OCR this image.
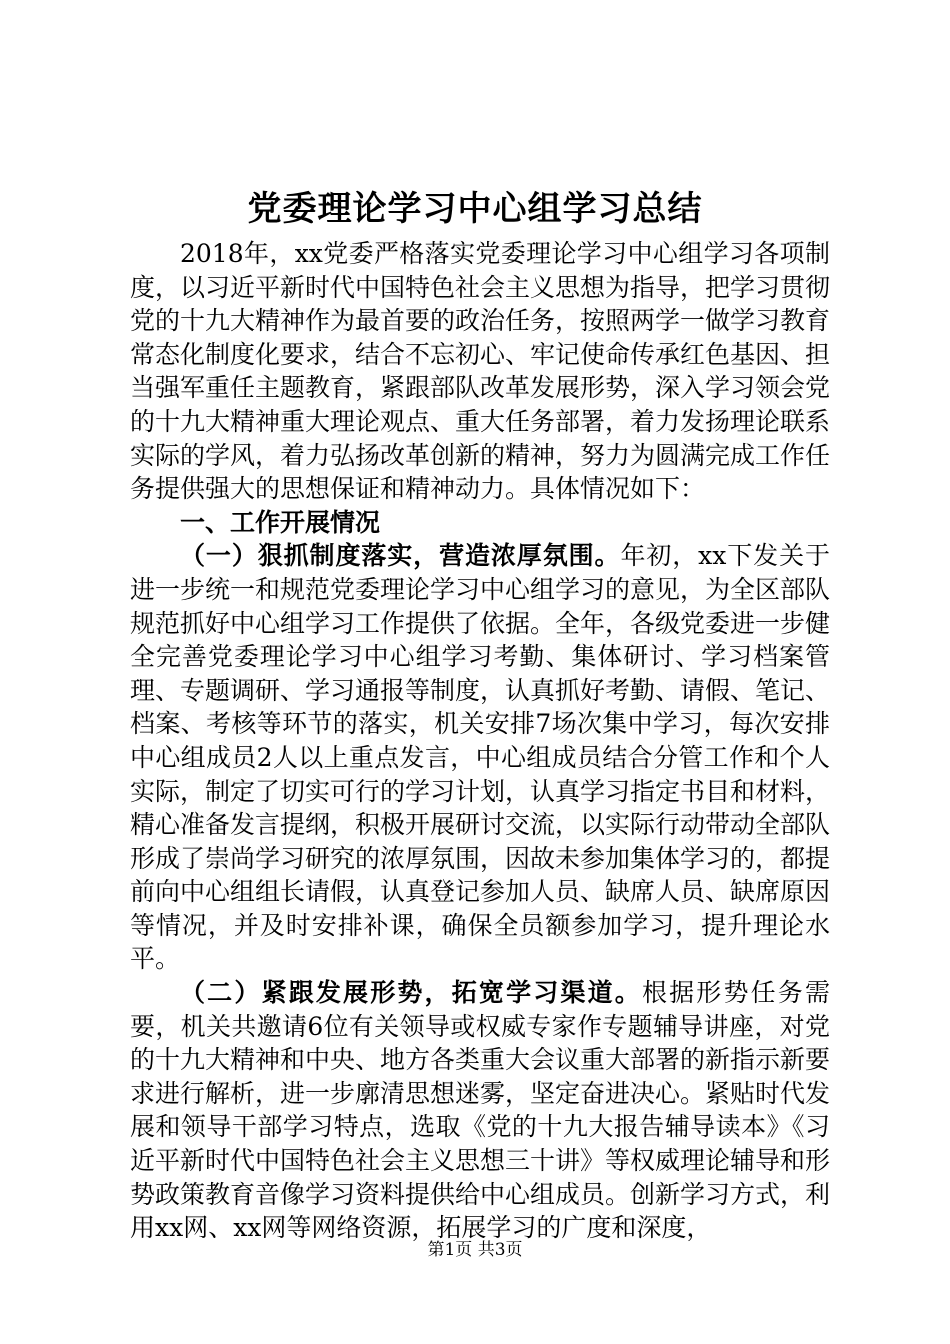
党委理论学习中心组学习总结

2018年，xx党委严格落实党委理论学习中心组学习各项制度，以习近平新时代中国特色社会主义思想为指导，把学习贯彻党的十九大精神作为最首要的政治任务，按照两学一做学习教育常态化制度化要求，结合不忘初心、牢记使命传承红色基因、担当强军重任主题教育，紧跟部队改革发展形势，深入学习领会党的十九大精神重大理论观点、重大任务部署，着力发扬理论联系实际的学风，着力弘扬改革创新的精神，努力为圆满完成工作任务提供强大的思想保证和精神动力。具体情况如下：

一、工作开展情况

（一）狠抓制度落实，营造浓厚氛围。年初，xx下发关于进一步统一和规范党委理论学习中心组学习的意见，为全区部队规范抓好中心组学习工作提供了依据。全年，各级党委进一步健全完善党委理论学习中心组学习考勤、集体研讨、学习档案管理、专题调研、学习通报等制度，认真抓好考勤、请假、笔记、档案、考核等环节的落实，机关安排7场次集中学习，每次安排中心组成员2人以上重点发言，中心组成员结合分管工作和个人实际，制定了切实可行的学习计划，认真学习指定书目和材料，精心准备发言提纲，积极开展研讨交流，以实际行动带动全部队形成了崇尚学习研究的浓厚氛围，因故未参加集体学习的，都提前向中心组组长请假，认真登记参加人员、缺席人员、缺席原因等情况，并及时安排补课，确保全员额参加学习，提升理论水平。

（二）紧跟发展形势，拓宽学习渠道。根据形势任务需要，机关共邀请6位有关领导或权威专家作专题辅导讲座，对党的十九大精神和中央、地方各类重大会议重大部署的新指示新要求进行解析，进一步廓清思想迷雾，坚定奋进决心。紧贴时代发展和领导干部学习特点，选取《党的十九大报告辅导读本》《习近平新时代中国特色社会主义思想三十讲》等权威理论辅导和形势政策教育音像学习资料提供给中心组成员。创新学习方式，利用xx网、xx网等网络资源，拓展学习的广度和深度，

第1页 共3页
